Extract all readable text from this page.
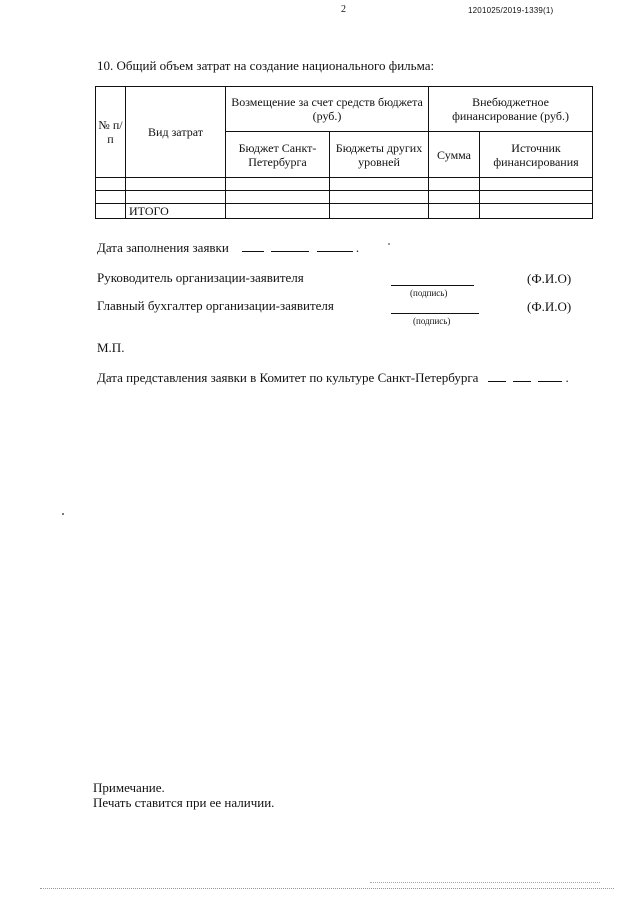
2	1201025/2019-1339(1)
10. Общий объем затрат на создание национального фильма:
№ п/п	Вид затрат	Возмещение за счет средств бюджета (руб.)		Внебюджетное финансирование (руб.)	
		Бюджет Санкт-Петербурга	Бюджеты других уровней	Сумма	Источник финансирования

	ИТОГО				
Дата заполнения заявки	.
Руководитель организации-заявителя
(подпись)
(Ф.И.О)
Главный бухгалтер организации-заявителя
(подпись)
(Ф.И.О)
М.П.
Дата представления заявки в Комитет по культуре Санкт-Петербурга	.
Примечание.
Печать ставится при ее наличии.
